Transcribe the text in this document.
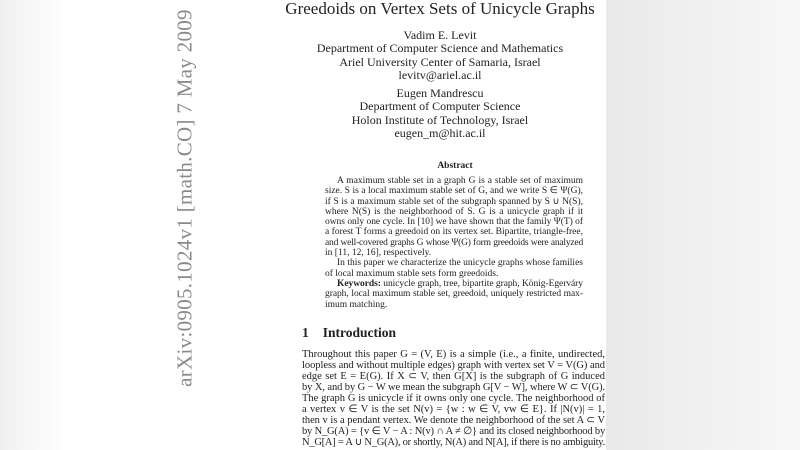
arXiv:0905.1024v1 [math.CO] 7 May 2009
Greedoids on Vertex Sets of Unicycle Graphs
Vadim E. Levit
Department of Computer Science and Mathematics
Ariel University Center of Samaria, Israel
levitv@ariel.ac.il
Eugen Mandrescu
Department of Computer Science
Holon Institute of Technology, Israel
eugen_m@hit.ac.il
Abstract
A maximum stable set in a graph G is a stable set of maximum
size. S is a local maximum stable set of G, and we write S ∈ Ψ(G),
if S is a maximum stable set of the subgraph spanned by S ∪ N(S),
where N(S) is the neighborhood of S. G is a unicycle graph if it
owns only one cycle. In [10] we have shown that the family Ψ(T) of
a forest T forms a greedoid on its vertex set. Bipartite, triangle-free,
and well-covered graphs G whose Ψ(G) form greedoids were analyzed
in [11, 12, 16], respectively.
In this paper we characterize the unicycle graphs whose families
of local maximum stable sets form greedoids.
Keywords: unicycle graph, tree, bipartite graph, König-Egerváry
graph, local maximum stable set, greedoid, uniquely restricted max-
imum matching.
1 Introduction
Throughout this paper G = (V, E) is a simple (i.e., a finite, undirected,
loopless and without multiple edges) graph with vertex set V = V(G) and
edge set E = E(G). If X ⊂ V, then G[X] is the subgraph of G induced
by X, and by G − W we mean the subgraph G[V − W], where W ⊂ V(G).
The graph G is unicycle if it owns only one cycle. The neighborhood of
a vertex v ∈ V is the set N(v) = {w : w ∈ V, vw ∈ E}. If |N(v)| = 1,
then v is a pendant vertex. We denote the neighborhood of the set A ⊂ V
by N_G(A) = {v ∈ V − A : N(v) ∩ A ≠ ∅} and its closed neighborhood by
N_G[A] = A ∪ N_G(A), or shortly, N(A) and N[A], if there is no ambiguity.
